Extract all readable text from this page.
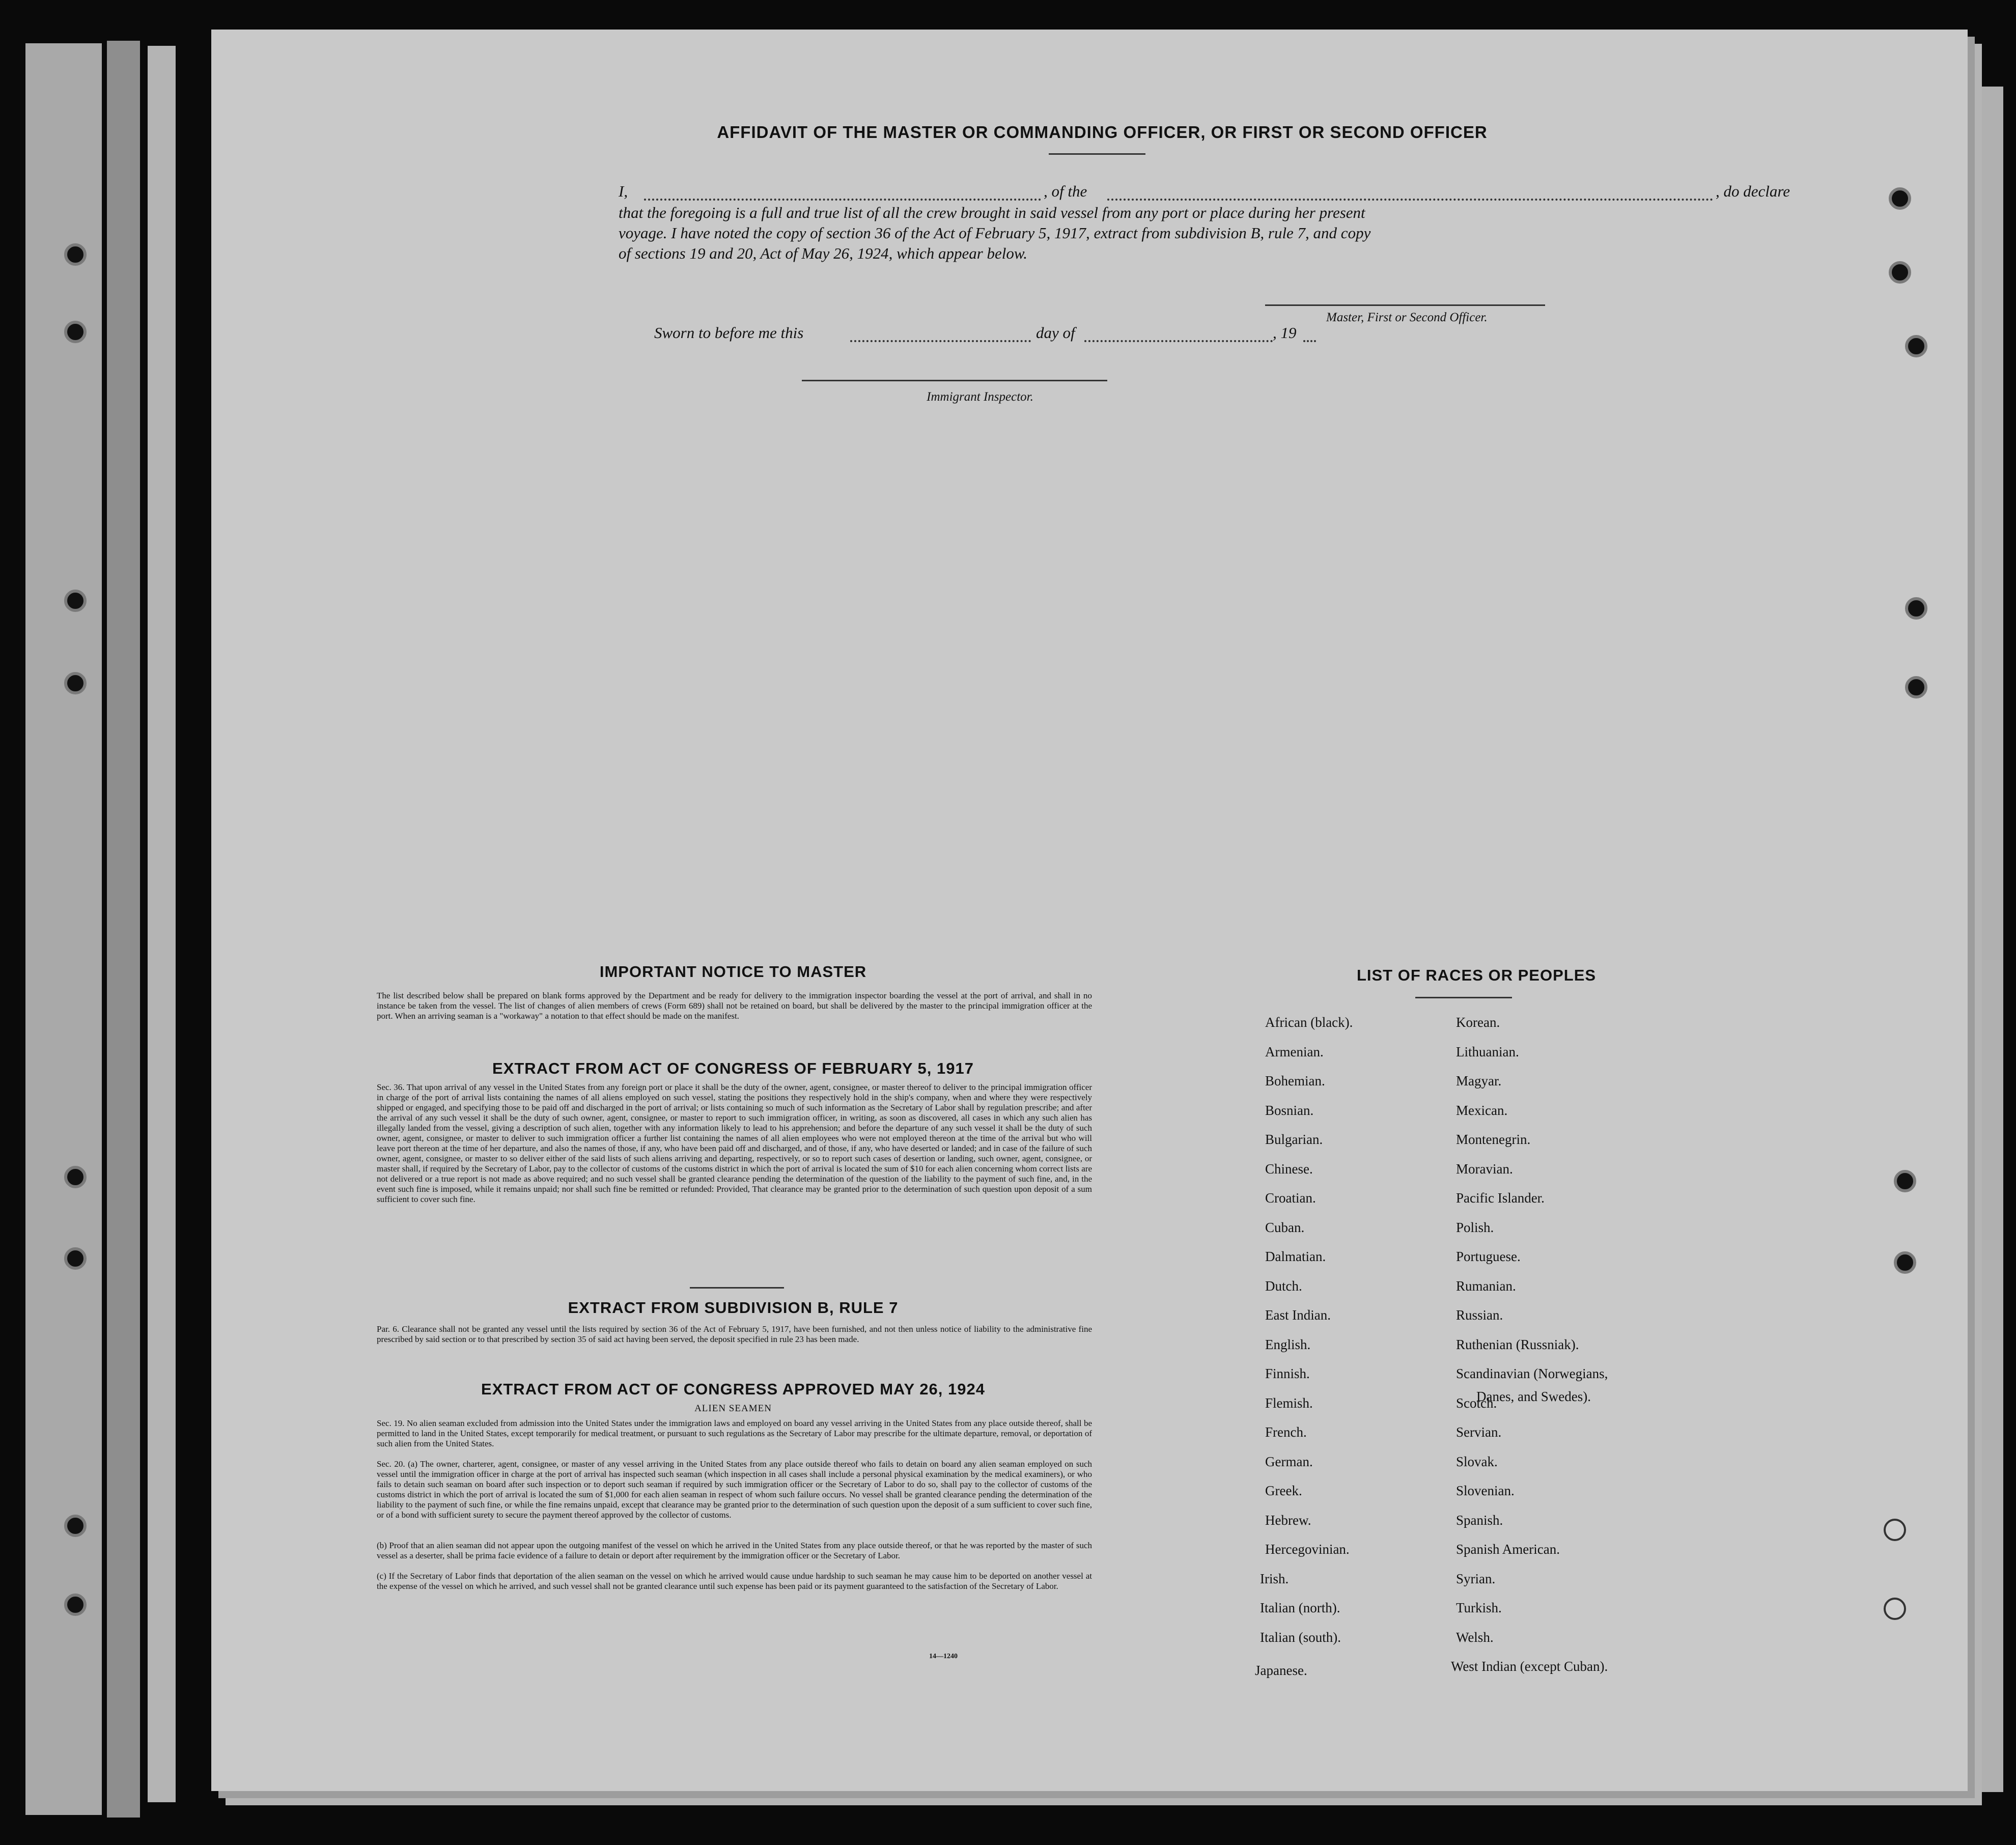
AFFIDAVIT OF THE MASTER OR COMMANDING OFFICER, OR FIRST OR SECOND OFFICER
I,	, of the	, do declare
that the foregoing is a full and true list of all the crew brought in said vessel from any port or place during her present
voyage. I have noted the copy of section 36 of the Act of February 5, 1917, extract from subdivision B, rule 7, and copy
of sections 19 and 20, Act of May 26, 1924, which appear below.
Master, First or Second Officer.
Sworn to before me this	day of	, 19
Immigrant Inspector.
IMPORTANT NOTICE TO MASTER
The list described below shall be prepared on blank forms approved by the Department and be ready for delivery to the immigration inspector boarding the vessel at the port of arrival, and shall in no instance be taken from the vessel. The list of changes of alien members of crews (Form 689) shall not be retained on board, but shall be delivered by the master to the principal immigration officer at the port. When an arriving seaman is a "workaway" a notation to that effect should be made on the manifest.
EXTRACT FROM ACT OF CONGRESS OF FEBRUARY 5, 1917
Sec. 36. That upon arrival of any vessel in the United States from any foreign port or place it shall be the duty of the owner, agent, consignee, or master thereof to deliver to the principal immigration officer in charge of the port of arrival lists containing the names of all aliens employed on such vessel, stating the positions they respectively hold in the ship's company, when and where they were respectively shipped or engaged, and specifying those to be paid off and discharged in the port of arrival; or lists containing so much of such information as the Secretary of Labor shall by regulation prescribe; and after the arrival of any such vessel it shall be the duty of such owner, agent, consignee, or master to report to such immigration officer, in writing, as soon as discovered, all cases in which any such alien has illegally landed from the vessel, giving a description of such alien, together with any information likely to lead to his apprehension; and before the departure of any such vessel it shall be the duty of such owner, agent, consignee, or master to deliver to such immigration officer a further list containing the names of all alien employees who were not employed thereon at the time of the arrival but who will leave port thereon at the time of her departure, and also the names of those, if any, who have been paid off and discharged, and of those, if any, who have deserted or landed; and in case of the failure of such owner, agent, consignee, or master to so deliver either of the said lists of such aliens arriving and departing, respectively, or so to report such cases of desertion or landing, such owner, agent, consignee, or master shall, if required by the Secretary of Labor, pay to the collector of customs of the customs district in which the port of arrival is located the sum of $10 for each alien concerning whom correct lists are not delivered or a true report is not made as above required; and no such vessel shall be granted clearance pending the determination of the question of the liability to the payment of such fine, and, in the event such fine is imposed, while it remains unpaid; nor shall such fine be remitted or refunded: Provided, That clearance may be granted prior to the determination of such question upon deposit of a sum sufficient to cover such fine.
EXTRACT FROM SUBDIVISION B, RULE 7
Par. 6. Clearance shall not be granted any vessel until the lists required by section 36 of the Act of February 5, 1917, have been furnished, and not then unless notice of liability to the administrative fine prescribed by said section or to that prescribed by section 35 of said act having been served, the deposit specified in rule 23 has been made.
EXTRACT FROM ACT OF CONGRESS APPROVED MAY 26, 1924
ALIEN SEAMEN
Sec. 19. No alien seaman excluded from admission into the United States under the immigration laws and employed on board any vessel arriving in the United States from any place outside thereof, shall be permitted to land in the United States, except temporarily for medical treatment, or pursuant to such regulations as the Secretary of Labor may prescribe for the ultimate departure, removal, or deportation of such alien from the United States.
Sec. 20. (a) The owner, charterer, agent, consignee, or master of any vessel arriving in the United States from any place outside thereof who fails to detain on board any alien seaman employed on such vessel until the immigration officer in charge at the port of arrival has inspected such seaman (which inspection in all cases shall include a personal physical examination by the medical examiners), or who fails to detain such seaman on board after such inspection or to deport such seaman if required by such immigration officer or the Secretary of Labor to do so, shall pay to the collector of customs of the customs district in which the port of arrival is located the sum of $1,000 for each alien seaman in respect of whom such failure occurs. No vessel shall be granted clearance pending the determination of the liability to the payment of such fine, or while the fine remains unpaid, except that clearance may be granted prior to the determination of such question upon the deposit of a sum sufficient to cover such fine, or of a bond with sufficient surety to secure the payment thereof approved by the collector of customs.
(b) Proof that an alien seaman did not appear upon the outgoing manifest of the vessel on which he arrived in the United States from any place outside thereof, or that he was reported by the master of such vessel as a deserter, shall be prima facie evidence of a failure to detain or deport after requirement by the immigration officer or the Secretary of Labor.
(c) If the Secretary of Labor finds that deportation of the alien seaman on the vessel on which he arrived would cause undue hardship to such seaman he may cause him to be deported on another vessel at the expense of the vessel on which he arrived, and such vessel shall not be granted clearance until such expense has been paid or its payment guaranteed to the satisfaction of the Secretary of Labor.
14—1240
LIST OF RACES OR PEOPLES
African (black).
Armenian.
Bohemian.
Bosnian.
Bulgarian.
Chinese.
Croatian.
Cuban.
Dalmatian.
Dutch.
East Indian.
English.
Finnish.
Flemish.
French.
German.
Greek.
Hebrew.
Hercegovinian.
Irish.
Italian (north).
Italian (south).
Japanese.
Danes, and Swedes).
Korean.
Lithuanian.
Magyar.
Mexican.
Montenegrin.
Moravian.
Pacific Islander.
Polish.
Portuguese.
Rumanian.
Russian.
Ruthenian (Russniak).
Scandinavian (Norwegians,
Scotch.
Servian.
Slovak.
Slovenian.
Spanish.
Spanish American.
Syrian.
Turkish.
Welsh.
West Indian (except Cuban).
